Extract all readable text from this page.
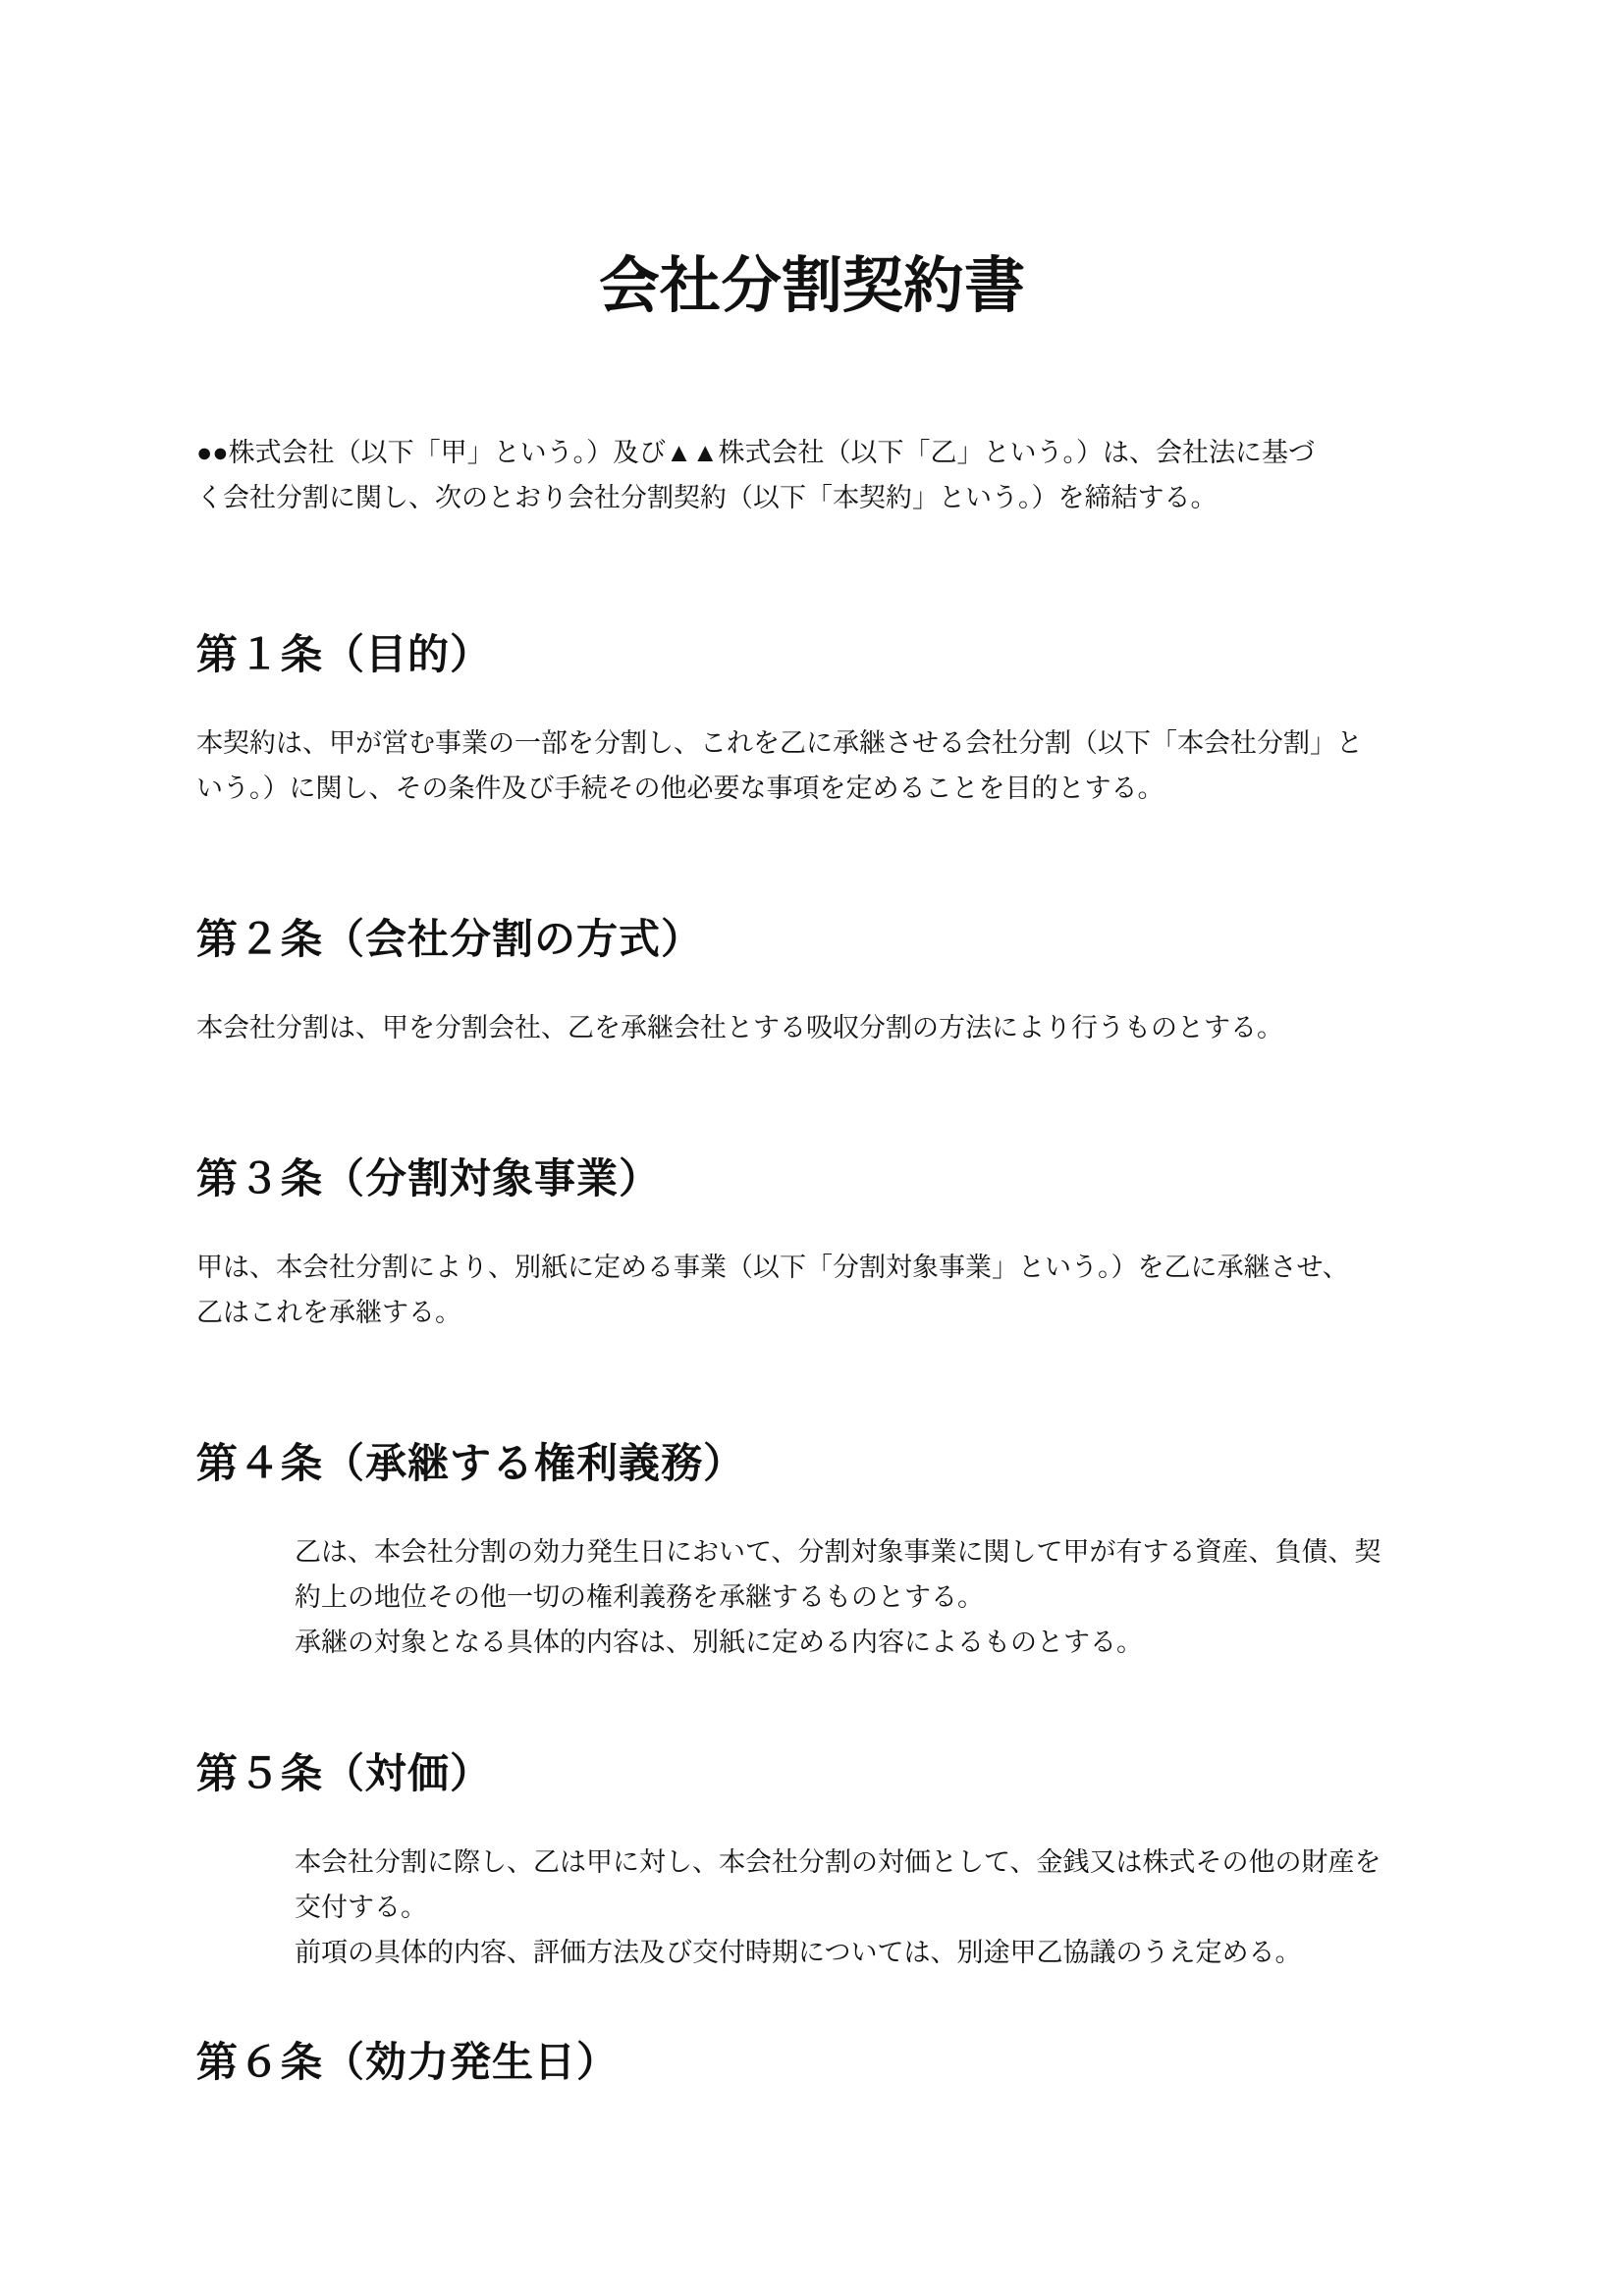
会社分割契約書
●●株式会社（以下「甲」という。）及び▲▲株式会社（以下「乙」という。）は、会社法に基づ
く会社分割に関し、次のとおり会社分割契約（以下「本契約」という。）を締結する。
第１条（目的）
本契約は、甲が営む事業の一部を分割し、これを乙に承継させる会社分割（以下「本会社分割」と
いう。）に関し、その条件及び手続その他必要な事項を定めることを目的とする。
第２条（会社分割の方式）
本会社分割は、甲を分割会社、乙を承継会社とする吸収分割の方法により行うものとする。
第３条（分割対象事業）
甲は、本会社分割により、別紙に定める事業（以下「分割対象事業」という。）を乙に承継させ、
乙はこれを承継する。
第４条（承継する権利義務）
乙は、本会社分割の効力発生日において、分割対象事業に関して甲が有する資産、負債、契
約上の地位その他一切の権利義務を承継するものとする。
承継の対象となる具体的内容は、別紙に定める内容によるものとする。
第５条（対価）
本会社分割に際し、乙は甲に対し、本会社分割の対価として、金銭又は株式その他の財産を
交付する。
前項の具体的内容、評価方法及び交付時期については、別途甲乙協議のうえ定める。
第６条（効力発生日）
